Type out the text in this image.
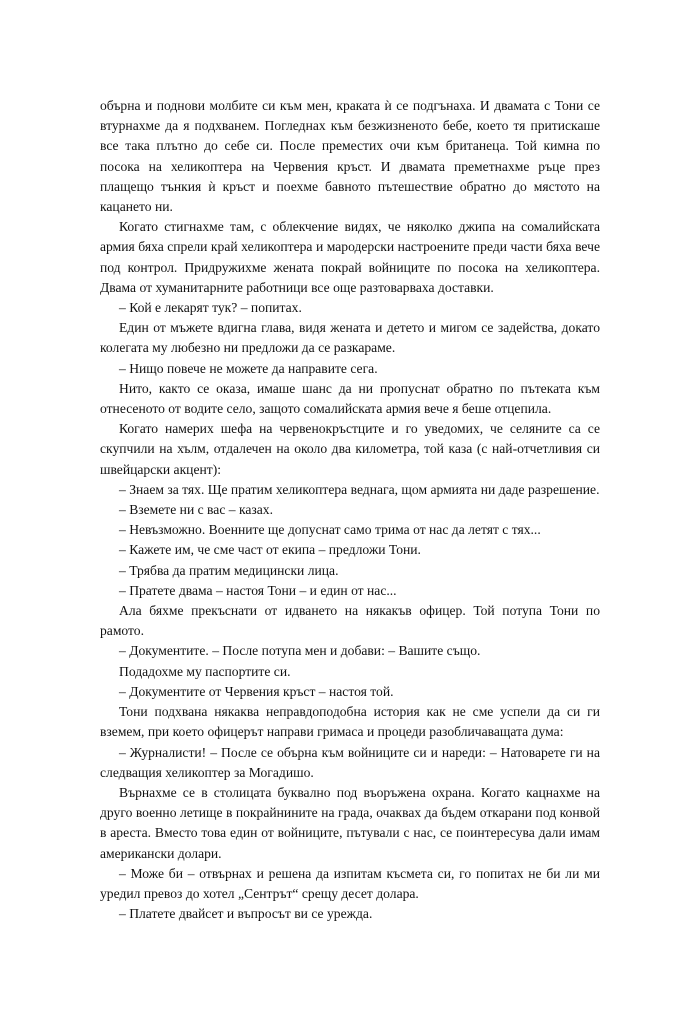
обърна и поднови молбите си към мен, краката ѝ се подгънаха. И двамата с Тони се втурнахме да я подхванем. Погледнах към безжизненото бебе, което тя притискаше все така плътно до себе си. После преместих очи към британеца. Той кимна по посока на хеликоптера на Червения кръст. И двамата преметнахме ръце през плащещо тънкия ѝ кръст и поехме бавното пътешествие обратно до мястото на кацането ни.

Когато стигнахме там, с облекчение видях, че няколко джипа на сомалийската армия бяха спрели край хеликоптера и мародерски настроените преди части бяха вече под контрол. Придружихме жената покрай войниците по посока на хеликоптера. Двама от хуманитарните работници все още разтоварваха доставки.

– Кой е лекарят тук? – попитах.

Един от мъжете вдигна глава, видя жената и детето и мигом се задейства, докато колегата му любезно ни предложи да се разкараме.

– Нищо повече не можете да направите сега.

Нито, както се оказа, имаше шанс да ни пропуснат обратно по пътеката към отнесеното от водите село, защото сомалийската армия вече я беше отцепила.

Когато намерих шефа на червенокръстците и го уведомих, че селяните са се скупчили на хълм, отдалечен на около два километра, той каза (с най-отчетливия си швейцарски акцент):

– Знаем за тях. Ще пратим хеликоптера веднага, щом армията ни даде разрешение.

– Вземете ни с вас – казах.

– Невъзможно. Военните ще допуснат само трима от нас да летят с тях...

– Кажете им, че сме част от екипа – предложи Тони.

– Трябва да пратим медицински лица.

– Пратете двама – настоя Тони – и един от нас...

Ала бяхме прекъснати от идването на някакъв офицер. Той потупа Тони по рамото.

– Документите. – После потупа мен и добави: – Вашите също.

Подадохме му паспортите си.

– Документите от Червения кръст – настоя той.

Тони подхвана някаква неправдоподобна история как не сме успели да си ги вземем, при което офицерът направи гримаса и процеди разобличаващата дума:

– Журналисти! – После се обърна към войниците си и нареди: – Натоварете ги на следващия хеликоптер за Могадишо.

Върнахме се в столицата буквално под въоръжена охрана. Когато кацнахме на друго военно летище в покрайнините на града, очаквах да бъдем откарани под конвой в ареста. Вместо това един от войниците, пътували с нас, се поинтересува дали имам американски долари.

– Може би – отвърнах и решена да изпитам късмета си, го попитах не би ли ми уредил превоз до хотел „Сентрът“ срещу десет долара.

– Платете двайсет и въпросът ви се урежда.
